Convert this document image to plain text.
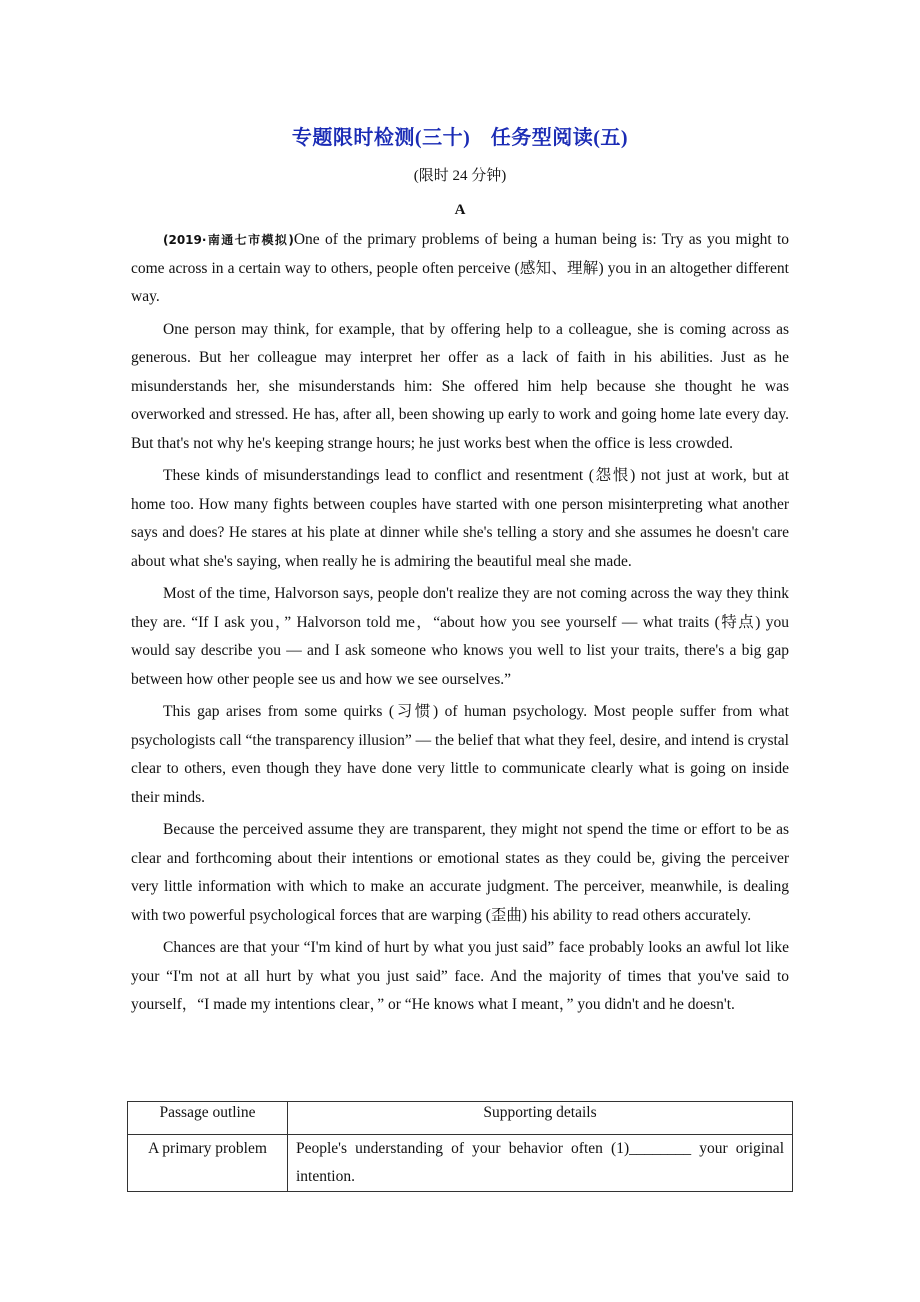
专题限时检测(三十)　任务型阅读(五)
(限时 24 分钟)
A

(2019·南通七市模拟)One of the primary problems of being a human being is: Try as you might to come across in a certain way to others, people often perceive (感知、理解) you in an altogether different way.

One person may think, for example, that by offering help to a colleague, she is coming across as generous. But her colleague may interpret her offer as a lack of faith in his abilities. Just as he misunderstands her, she misunderstands him: She offered him help because she thought he was overworked and stressed. He has, after all, been showing up early to work and going home late every day. But that's not why he's keeping strange hours; he just works best when the office is less crowded.

These kinds of misunderstandings lead to conflict and resentment (怨恨) not just at work, but at home too. How many fights between couples have started with one person misinterpreting what another says and does? He stares at his plate at dinner while she's telling a story and she assumes he doesn't care about what she's saying, when really he is admiring the beautiful meal she made.

Most of the time, Halvorson says, people don't realize they are not coming across the way they think they are. “If I ask you，” Halvorson told me，“about how you see yourself — what traits (特点) you would say describe you — and I ask someone who knows you well to list your traits, there's a big gap between how other people see us and how we see ourselves.”

This gap arises from some quirks (习惯) of human psychology. Most people suffer from what psychologists call “the transparency illusion” — the belief that what they feel, desire, and intend is crystal clear to others, even though they have done very little to communicate clearly what is going on inside their minds.

Because the perceived assume they are transparent, they might not spend the time or effort to be as clear and forthcoming about their intentions or emotional states as they could be, giving the perceiver very little information with which to make an accurate judgment. The perceiver, meanwhile, is dealing with two powerful psychological forces that are warping (歪曲) his ability to read others accurately.

Chances are that your “I'm kind of hurt by what you just said” face probably looks an awful lot like your “I'm not at all hurt by what you just said” face. And the majority of times that you've said to yourself，“I made my intentions clear，” or “He knows what I meant，” you didn't and he doesn't.

Passage outline	Supporting details
A primary problem	People's understanding of your behavior often (1)________ your original intention.
